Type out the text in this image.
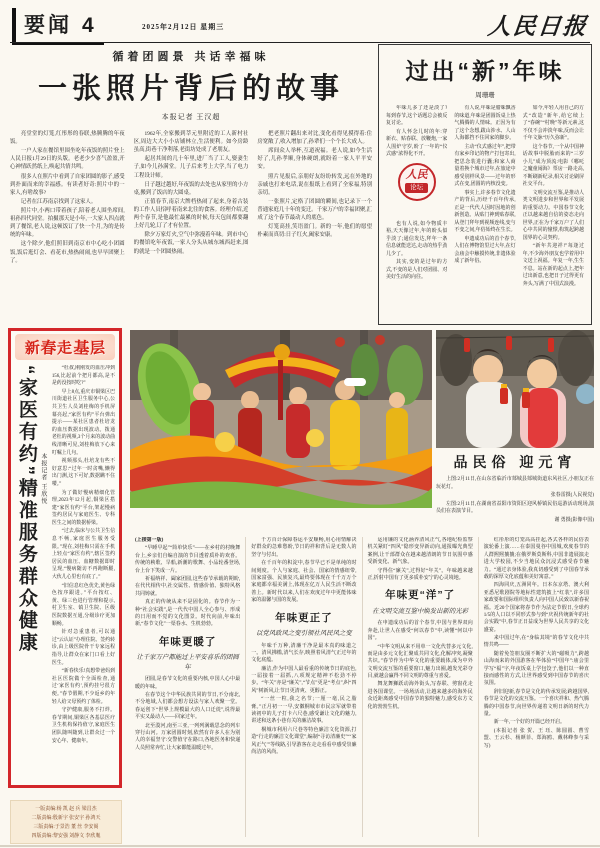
要闻 4	2025年2月12日 星期三	人民日报
循着团圆景 共话幸福味
一张照片背后的故事
本报记者 王汉超
亮堂堂的灯笼,红彤彤的春联,热腾腾的年夜饭。
一户人家在餐馆里围坐吃年夜饭的照片登上人民日报1月29日的头版。老老少少喜气盈盈,开心神情跃然纸上,唤起共情共鸣。
很多人在照片中看到了自家团圆的影子,感受到扑面而来的幸福感。有读者好奇:照片中的一家人,有啥故事?
记者在江苏南京找到了这家人。
照片中,小两口带着孩子,陪着老人围坐席间,祖孙四代同堂。拍摄那天是小年,一大家人四点就到了餐馆,老人说,这顿饭订了快一个月,为的是传统的年味。
这个除夕,他们照旧到南京市中心吃小团圆饭,饭后逛灯会、看花市,热热闹闹,也早早团聚上了。
1962年,全家搬到莘元里附近的工人新村社区,周边大大小小店铺林立,生活便利。如今房龄虽高,街巷干净利落,老街坊处成了老朋友。
起居其间的几十年里,进厂当了工人,娶妻生子,如今儿孙满堂。儿子后来考上大学,当了电力工程设计师。
日子越过越好,年夜饭的去处也从家里的小方桌,搬到了饭店的大圆桌。
正值春节,南京大牌档热闹了起来,身着古装的工作人员招呼着南来北往的食客。经理介绍,近两个春节,是他最忙最累的时候,每天包间都要翻上好几轮,订了才有位置。
除夕万家灯火,空气中弥漫着年味。到市中心的餐馆吃年夜饭,一家人分头从城东城西赶来,图的就是一个团圆热闹。
把老照片翻出来对比,变化看得见摸得着:住房宽敞了,收入增加了,孙辈们一个个长大成人。
席间众人举杯,互道祝福。老人说,如今生活好了,儿孙孝顺,身体硬朗,就盼着一家人平平安安。
照片见报后,亲朋好友纷纷转发,远在外地的亲戚也打来电话,说在报纸上看到了全家福,特别亲切。
一张照片,定格了团圆的瞬间,也记录下一个普通家庭几十年的变迁。千家万户的幸福团聚,汇成了这个春节最动人的底色。
灯笼高挂,笑语盈门。新的一年,他们的愿望朴素而真切:日子红火,阖家安康。
过出“新”年味
周珊珊
年味儿多了还是淡了?每到春节,这个话题总会被反复讨论。
有人怀念儿时的年:穿新衣、贴春联、放鞭炮,一家人围炉守岁,盼了一年的“仪式感”浓得化不开。
人民
论坛
也有人说,如今物质丰裕,天天像过年,年的盼头似乎淡了;通信发达,拜年一条信息就能送达,走动的热乎劲儿少了。
其实,变的是过年的方式,不变的是人们对团圆、对美好生活的向往。
有人说,年味是腊味飘香的味道,年味是团圆饭桌上热气腾腾的人情味。正因为有了这个念想,跋山涉水、人山人海都挡不住回家的脚步。
主动“仪式感过年”,把带有家乡印记的物产打包寄出,把思念装进行囊;和家人商量着换个城市过年,在旅途中感受别样风景——过年的形式在变,团圆的内核没变。
事实上,许多春节文化遗产的背后,历经千百年传承,正是一代代人因时因地的创新创造。从贴门神到贴春联,从登门拜年到视频连线,变与不变之间,年俗始终在生长。
申遗成功后的首个春节,人们在博物馆里过大年,在灯会庙会中触摸传统,非遗体验成了新年俗。
如今,年轻人用自己的方式“改造”新年,给它续上了“春碗”“村晚”等新元素,这不仅不会冲淡年味,反而会让千年文脉“历久弥新”。
这个春节,一个从中国神话故事中脱胎而来的“三岁小儿”成为顶流:电影《哪吒之魔童闹海》票房一路走高,不断刷新纪录,相关讨论刷屏社交平台。
文明交流互鉴,是推动人类文明进步和世界和平发展的重要动力。中国春节文化正以越来越自信的姿态走向世界,正在为千家万户了人们心中共同的憧憬,构筑起跨越国界的心灵契约。
“新年共迎祥!”每逢过年,不少海外朋友也学着用中文送上祝福。年复一年,生生不息。站在新的起点上,把年过出新意,也把日子过得更有奔头,写满了中国式浪漫。
新 春 走 基 层
“家医有约”精准服务群众健康 本报记者 王欣悦
“杜叔,刚刚发的血压冲到156,比起前个把月都高,是不是药没按时吃?”
早上8点,重庆市铜梁区巴川街道社区卫生服务中心,公共卫生人员刘桂梅的手机屏幕亮起,“家医有约”平台弹出提示——某社区患者杜培龙的血压数据出现波动。拨通老杜的视频,3个月来的波动曲线清晰可见,刘桂梅放下心来叮嘱上几句。
视频那头,杜培龙有些不好意思:“过年一时贪嘴,懒得出门测,这下可好,数据瞒不住喽。”
为了做好慢病精细化管理,2023年12月起,铜梁区搭建“家医有约”平台,架起慢病签约居民与家庭医生、专科医生之间的数据桥梁。
“过去,临床与公共卫生信息不畅,家庭医生服务受限。”现在,刘桂梅只需在手机上轻点“家医有约”,辖区签约居民的血压、血糖数据即时呈现,“慢病随访不再跑断腿,大伙儿心里也有底了。”
“旧信息红色优先,黄色绿色按序跟进。”平台按红、黄、绿三色进行管理和提示,村卫生室、镇卫生院、区级医院数据互通,分级诊疗更加顺畅。
针对急重患者,可以通过“云认证”办理住院、签约转诊,由上级医院骨干专家远程指导,让群众在家门口看上好医生。
“新春快乐!真想带爸妈到社区医院做个全面检查,通过‘家医有约’,预约挂号很方便。”春节假期,不少返乡的年轻人给父母预约了体检。
守护健康,服务不打烊。春节期间,铜梁区各基层医疗卫生机构保持值守,家庭医生团队随叫随到,让群众过一个安心年、健康年。
品民俗 迎元宵
上图:2月11日,在山东省临沂市郯城县郯城街道东风社区,小朋友正在玩花灯。
张春雷摄(人民视觉)
左图:2月11日,在湖南省益阳市资阳区迎风桥镇民俗巡游活动现场,演员们在表演节目。
谢 勇摄(影像中国)
(上接第一版)
“早睡早起”“简单快乐”——在乡村的村晚舞台上,乡亲们自编自演的节目透着质朴的欢喜。传统的秧歌、旱船,新潮的歌舞、小品轮番登场,台上台下笑成一片。
祈福纳祥、阖家团圆,这些春节承载的期盼,在代代相传中,社交属性、情感价值、独特风格共同铸就。
真正的传统从来不是固化的。春节作为一种“社会实践”,是一代代中国人全心参与、形成的日用而不觉的文化图景。时代向前,年味出新,“春节文化”一渠春水、生机勃勃。
年味更暖了
让千家万户都能过上平安喜乐的团圆年
团圆,是春节文化的重要内核,中国人心中最暖的年味。
在春节这个中华民族共同的节日,不分南北,不分地域,人们都会想方设法与家人欢聚一堂。春运创下“世界上规模最大的人口迁徙”,说得最平实又最动人——回家过年。
北至漠河,南至三亚,一列列满载思念的列车穿行山河。万家团圆时刻,依然有许多人在为别人的幸福坚守:交警值守在路口,各地医务和快递人员照常奔忙,让大家都能温暖过年。
千方百计保障春运平安顺畅,用心用情解决好群众的急难愁盼,节日的祥和背后是无数人的坚守与付出。
在千百年的积淀中,春节早已不是单纯的时间刻度。个人与家庭、社会、国家的情感纽带,国家富强、民族复兴,最终要体现在千千万万个家庭都幸福美满上,体现在亿万人民生活不断改善上。新时代以来,人们在欢度过年中更能体味家的温馨与国的发展。
年味更正了
以党风政风之变引领社风民风之变
年味千万种,清廉干净是最本真的味道之一。清风拂槛,清气长存,映照着风清气正过年的文化底蕴。
廉洁,作为中国人最看重的传统节日的底色,一届接着一届抓,八项规定精神不松劲不停步。“年关”亦是“廉关”,“节点”更是“考点”,纠“四风”树新风,让节日更清爽、更醇正。
“一丝一粒,我之名节;一厘一毫,民之脂膏。”正月初一一早,安徽桐城市市民宗军就带着读初中的儿子打卡六尺巷,感受谦让文化的魅力,讲述和这条小巷有关的廉洁故事。
桐城市利用六尺巷等特色廉洁文化资源,打造“行走的廉洁文化课堂”,编制“寻访清廉史”“‘家风正气’”等线路,引导游客在走走看看中感受崇廉尚洁的风尚。
运用廉的文化涵养清风正气,各地纪检监察机关紧盯“四风”隐形变异新动向,通报曝光典型案例,让干部群众在越来越清朗的节日氛围中感受新变化、新气象。
守得住“廉关”,过得好“年关”。年味越来越正,折射中国有了更多质朴安宁的心灵境地。
年味更“洋”了
在文明交流互鉴中焕发出新的光彩
在申遗成功后的首个春节,中国与世界双向奔赴,让世人在感受“何以春节”中,读懂“何以中国”。
“中华文明从来不用单一文化代替多元文化,而是由多元文化汇聚成共同文化,化解冲突,凝聚共识。”春节作为中华文化的重要载体,成为中外文明交流互鉴的重要窗口,魅力出圈,越发光彩夺目,就越会赢得不同文明的尊重与喜爱。
舞龙舞狮跃动海外街头,写春联、剪窗花走进各国课堂。一场场活动,让越来越多的海外民众近距离感受中国春节的独特魅力,感受东方文化的勃勃生机。
红彤彤的灯笼高高挂起,各式各样的民俗表演轮番上演……在泰国曼谷中国城,欢度春节的人群熙熙攘攘;在俄罗斯莫斯科,中国非遗展演走进大学校园,不少当地民众沉浸式感受春节魅力。“通过亲身体验,我真切感受到了中国春节承载的深厚文化底蕴和美好寓意。”
四海同庆,五洲同年。日本东京塔、澳大利亚悉尼歌剧院等地标性建筑披上“红装”,许多国家政要和国际组织负责人向中国人民致以新春祝福。近20个国家将春节作为法定节假日,全球约1/5的人口以不同形式参与到“庆祝传统新年的社会实践”中,春节正日益成为世界人民共享的文化盛宴。
来中国过年,在“身临其境”的春节文化中共情共鸣——
随着免签朋友圈不断扩大的“磁吸力”,跨越山海而来的外国游客在华体验“中国年”:庙会里学写“福”字,年夜饭桌上学包饺子,他们以一种直接而感性的方式,让世界感受到中国春节的喜庆氛围。
辞旧迎新,春节是文化的传承发展;跨越国界,春节是文化的交流互鉴。一个喜庆祥和、热气腾腾的中国春节,向世界传递着文明日新的时代力量。
新一年,一个好的开篇已经开启。
(本报记者 张 贺、王 珏、陈圆圆、曹雪盟、王云杉、杨颜菲、郑海鸥、戴林峰参与采写)
一版责编:杨 凯 赵 兵 梁昌杰
二版责编:殷新宇 张安宇 孙鸿天
三版责编:于景浩 董 丝 李安阁
四版责编:黎安强 刘静文 李欣胤
